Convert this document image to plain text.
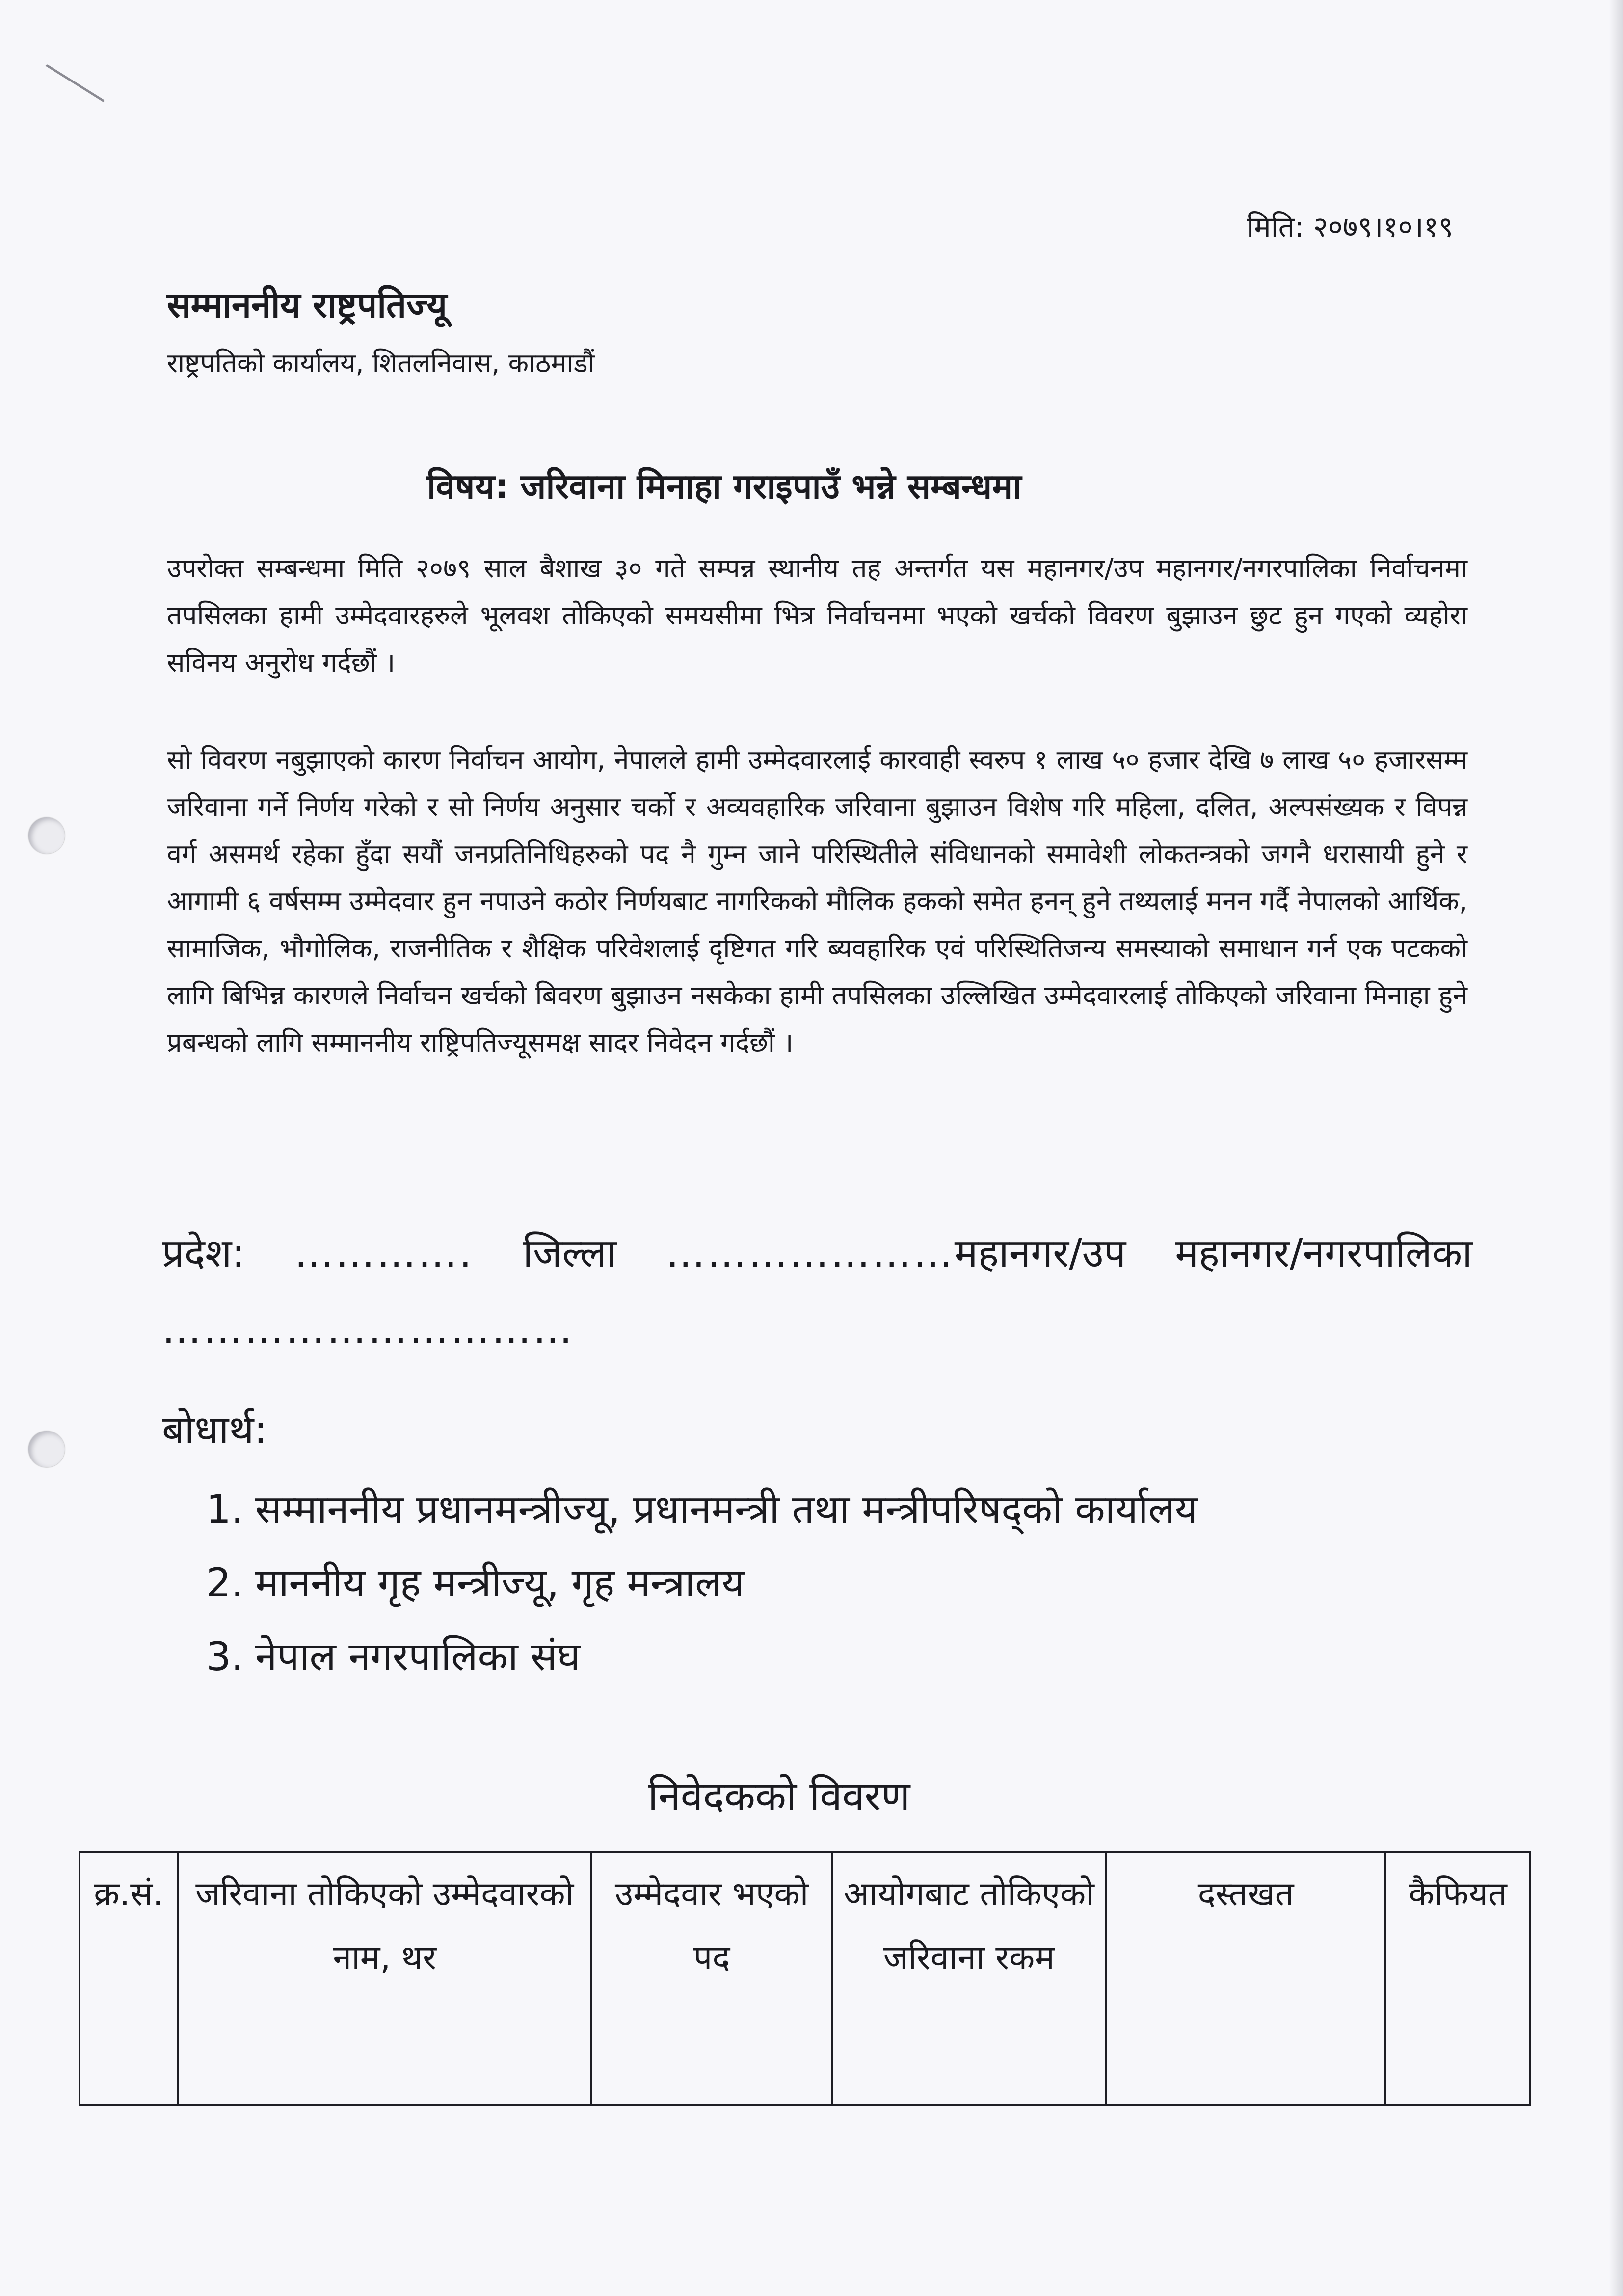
मिति: २०७९।१०।१९
सम्माननीय राष्ट्रपतिज्यू
राष्ट्रपतिको कार्यालय, शितलनिवास, काठमाडौं
विषय: जरिवाना मिनाहा गराइपाउँ भन्ने सम्बन्धमा
उपरोक्त सम्बन्धमा मिति २०७९ साल बैशाख ३० गते सम्पन्न स्थानीय तह अन्तर्गत यस महानगर/उप महानगर/नगरपालिका निर्वाचनमा तपसिलका हामी उम्मेदवारहरुले भूलवश तोकिएको समयसीमा भित्र निर्वाचनमा भएको खर्चको विवरण बुझाउन छुट हुन गएको व्यहोरा सविनय अनुरोध गर्दछौं ।
सो विवरण नबुझाएको कारण निर्वाचन आयोग, नेपालले हामी उम्मेदवारलाई कारवाही स्वरुप १ लाख ५० हजार देखि ७ लाख ५० हजारसम्म जरिवाना गर्ने निर्णय गरेको र सो निर्णय अनुसार चर्को र अव्यवहारिक जरिवाना बुझाउन विशेष गरि महिला, दलित, अल्पसंख्यक र विपन्न वर्ग असमर्थ रहेका हुँदा सयौं जनप्रतिनिधिहरुको पद नै गुम्न जाने परिस्थितीले संविधानको समावेशी लोकतन्त्रको जगनै धरासायी हुने र आगामी ६ वर्षसम्म उम्मेदवार हुन नपाउने कठोर निर्णयबाट नागरिकको मौलिक हकको समेत हनन् हुने तथ्यलाई मनन गर्दै नेपालको आर्थिक, सामाजिक, भौगोलिक, राजनीतिक र शैक्षिक परिवेशलाई दृष्टिगत गरि ब्यवहारिक एवं परिस्थितिजन्य समस्याको समाधान गर्न एक पटकको लागि बिभिन्न कारणले निर्वाचन खर्चको बिवरण बुझाउन नसकेका हामी तपसिलका उल्लिखित उम्मेदवारलाई तोकिएको जरिवाना मिनाहा हुने प्रबन्धको लागि सम्माननीय राष्ट्रिपतिज्यूसमक्ष सादर निवेदन गर्दछौं ।
प्रदेश: …………. जिल्ला …………………महानगर/उप महानगर/नगरपालिका …………………………
बोधार्थ:
1. सम्माननीय प्रधानमन्त्रीज्यू, प्रधानमन्त्री तथा मन्त्रीपरिषद्को कार्यालय
2. माननीय गृह मन्त्रीज्यू, गृह मन्त्रालय
3. नेपाल नगरपालिका संघ
निवेदकको विवरण
क्र.सं.	जरिवाना तोकिएको उम्मेदवारको नाम, थर	उम्मेदवार भएको पद	आयोगबाट तोकिएको जरिवाना रकम	दस्तखत	कैफियत
